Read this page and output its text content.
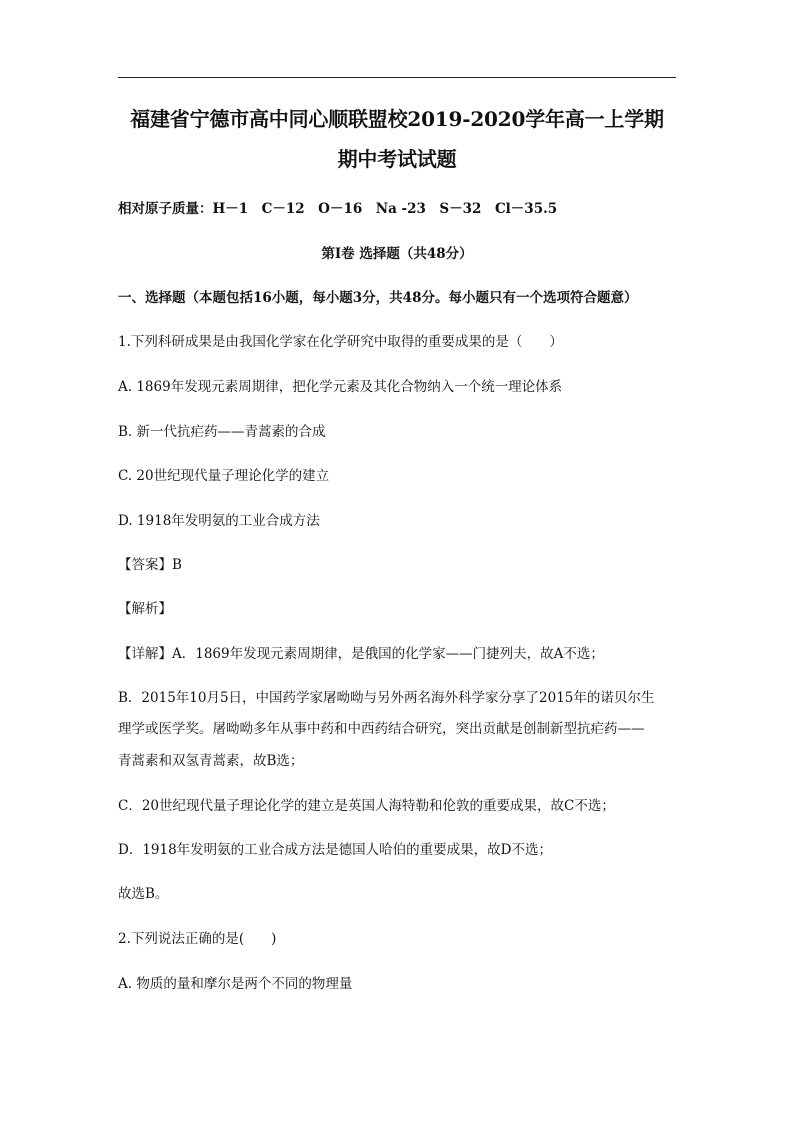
福建省宁德市高中同心顺联盟校2019-2020学年高一上学期
期中考试试题
相对原子质量：H－1　C－12　O－16　Na -23　S－32　Cl－35.5
第Ⅰ卷 选择题（共48分）
一、选择题（本题包括16小题，每小题3分，共48分。每小题只有一个选项符合题意）
1.下列科研成果是由我国化学家在化学研究中取得的重要成果的是（　　）
A. 1869年发现元素周期律，把化学元素及其化合物纳入一个统一理论体系
B. 新一代抗疟药——青蒿素的合成
C. 20世纪现代量子理论化学的建立
D. 1918年发明氨的工业合成方法
【答案】B
【解析】
【详解】A．1869年发现元素周期律，是俄国的化学家——门捷列夫，故A不选；
B．2015年10月5日，中国药学家屠呦呦与另外两名海外科学家分享了2015年的诺贝尔生
理学或医学奖。屠呦呦多年从事中药和中西药结合研究，突出贡献是创制新型抗疟药——
青蒿素和双氢青蒿素，故B选；
C．20世纪现代量子理论化学的建立是英国人海特勒和伦敦的重要成果，故C不选；
D．1918年发明氨的工业合成方法是德国人哈伯的重要成果，故D不选；
故选B。
2.下列说法正确的是(　　)
A. 物质的量和摩尔是两个不同的物理量
